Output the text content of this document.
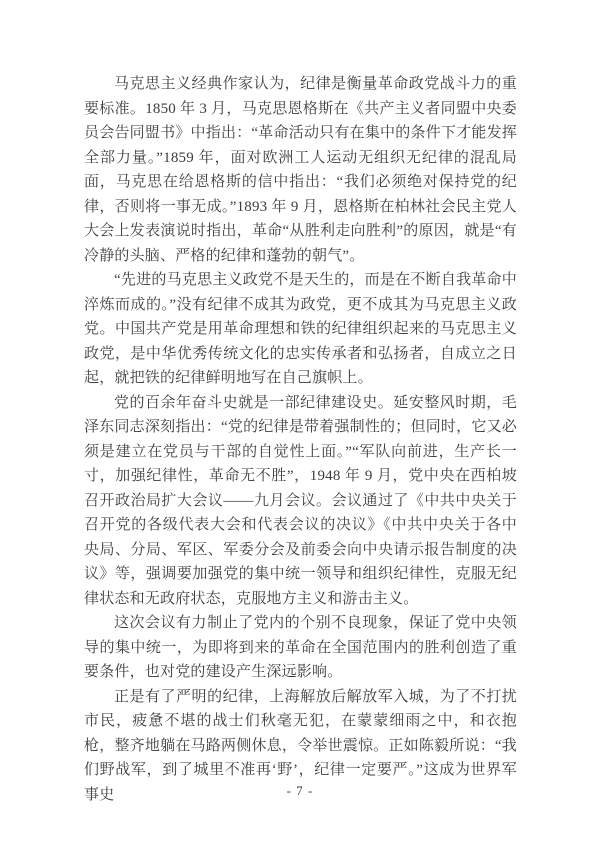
马克思主义经典作家认为，纪律是衡量革命政党战斗力的重要标准。1850 年 3 月，马克思恩格斯在《共产主义者同盟中央委员会告同盟书》中指出：“革命活动只有在集中的条件下才能发挥全部力量。”1859 年，面对欧洲工人运动无组织无纪律的混乱局面，马克思在给恩格斯的信中指出：“我们必须绝对保持党的纪律，否则将一事无成。”1893 年 9 月，恩格斯在柏林社会民主党人大会上发表演说时指出，革命“从胜利走向胜利”的原因，就是“有冷静的头脑、严格的纪律和蓬勃的朝气”。

“先进的马克思主义政党不是天生的，而是在不断自我革命中淬炼而成的。”没有纪律不成其为政党，更不成其为马克思主义政党。中国共产党是用革命理想和铁的纪律组织起来的马克思主义政党，是中华优秀传统文化的忠实传承者和弘扬者，自成立之日起，就把铁的纪律鲜明地写在自己旗帜上。

党的百余年奋斗史就是一部纪律建设史。延安整风时期，毛泽东同志深刻指出：“党的纪律是带着强制性的；但同时，它又必须是建立在党员与干部的自觉性上面。”“军队向前进，生产长一寸，加强纪律性，革命无不胜”，1948 年 9 月，党中央在西柏坡召开政治局扩大会议——九月会议。会议通过了《中共中央关于召开党的各级代表大会和代表会议的决议》《中共中央关于各中央局、分局、军区、军委分会及前委会向中央请示报告制度的决议》等，强调要加强党的集中统一领导和组织纪律性，克服无纪律状态和无政府状态，克服地方主义和游击主义。

这次会议有力制止了党内的个别不良现象，保证了党中央领导的集中统一，为即将到来的革命在全国范围内的胜利创造了重要条件，也对党的建设产生深远影响。

正是有了严明的纪律，上海解放后解放军入城，为了不打扰市民，疲惫不堪的战士们秋毫无犯，在蒙蒙细雨之中，和衣抱枪，整齐地躺在马路两侧休息，令举世震惊。正如陈毅所说：“我们野战军，到了城里不准再‘野’，纪律一定要严。”这成为世界军事史	- 7 -
